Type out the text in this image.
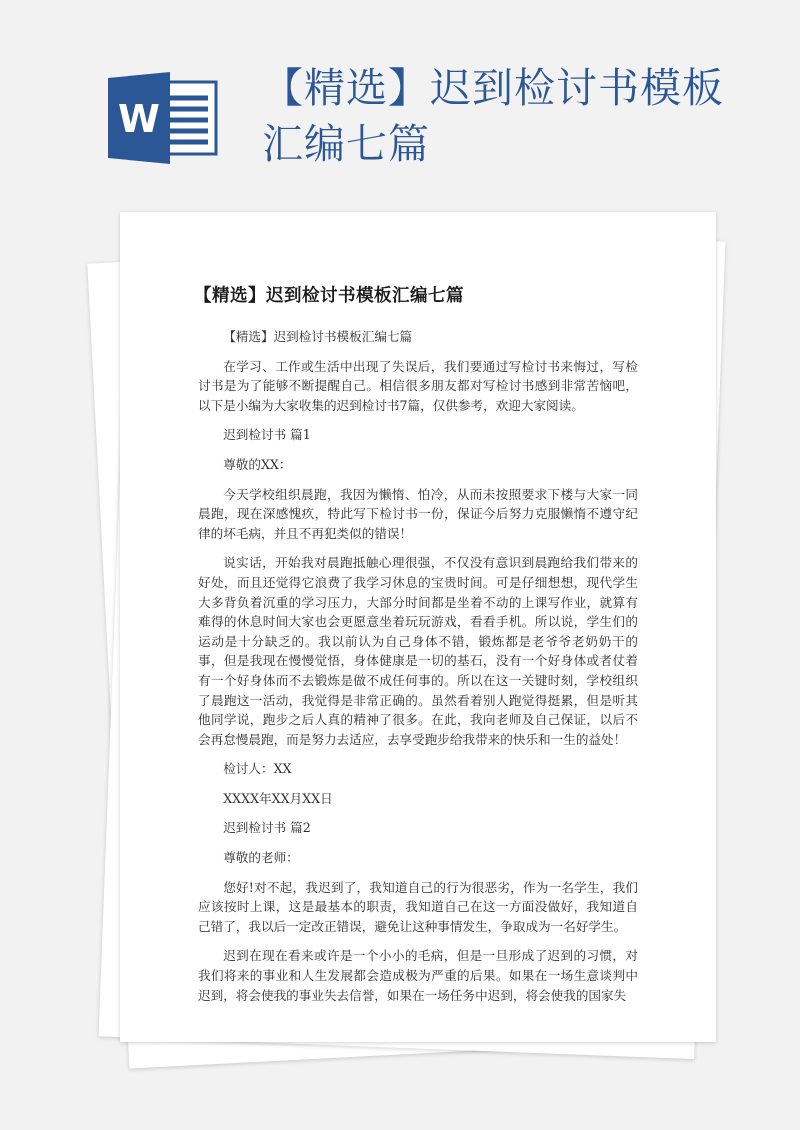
W
【精选】迟到检讨书模板汇编七篇
【精选】迟到检讨书模板汇编七篇

【精选】迟到检讨书模板汇编七篇

在学习、工作或生活中出现了失误后，我们要通过写检讨书来悔过，写检讨书是为了能够不断提醒自己。相信很多朋友都对写检讨书感到非常苦恼吧，以下是小编为大家收集的迟到检讨书7篇，仅供参考，欢迎大家阅读。

迟到检讨书 篇1

尊敬的XX：

今天学校组织晨跑，我因为懒惰、怕冷，从而未按照要求下楼与大家一同晨跑，现在深感愧疚，特此写下检讨书一份，保证今后努力克服懒惰不遵守纪律的坏毛病，并且不再犯类似的错误！

说实话，开始我对晨跑抵触心理很强，不仅没有意识到晨跑给我们带来的好处，而且还觉得它浪费了我学习休息的宝贵时间。可是仔细想想，现代学生大多背负着沉重的学习压力，大部分时间都是坐着不动的上课写作业，就算有难得的休息时间大家也会更愿意坐着玩玩游戏，看看手机。所以说，学生们的运动是十分缺乏的。我以前认为自己身体不错，锻炼都是老爷爷老奶奶干的事，但是我现在慢慢觉悟，身体健康是一切的基石，没有一个好身体或者仗着有一个好身体而不去锻炼是做不成任何事的。所以在这一关键时刻，学校组织了晨跑这一活动，我觉得是非常正确的。虽然看着别人跑觉得挺累，但是听其他同学说，跑步之后人真的精神了很多。在此，我向老师及自己保证，以后不会再怠慢晨跑，而是努力去适应，去享受跑步给我带来的快乐和一生的益处！

检讨人：XX

XXXX年XX月XX日

迟到检讨书 篇2

尊敬的老师：

您好!对不起，我迟到了，我知道自己的行为很恶劣，作为一名学生，我们应该按时上课，这是最基本的职责，我知道自己在这一方面没做好，我知道自己错了，我以后一定改正错误，避免让这种事情发生，争取成为一名好学生。

迟到在现在看来或许是一个小小的毛病，但是一旦形成了迟到的习惯，对我们将来的事业和人生发展都会造成极为严重的后果。如果在一场生意谈判中迟到，将会使我的事业失去信誉，如果在一场任务中迟到，将会使我的国家失
